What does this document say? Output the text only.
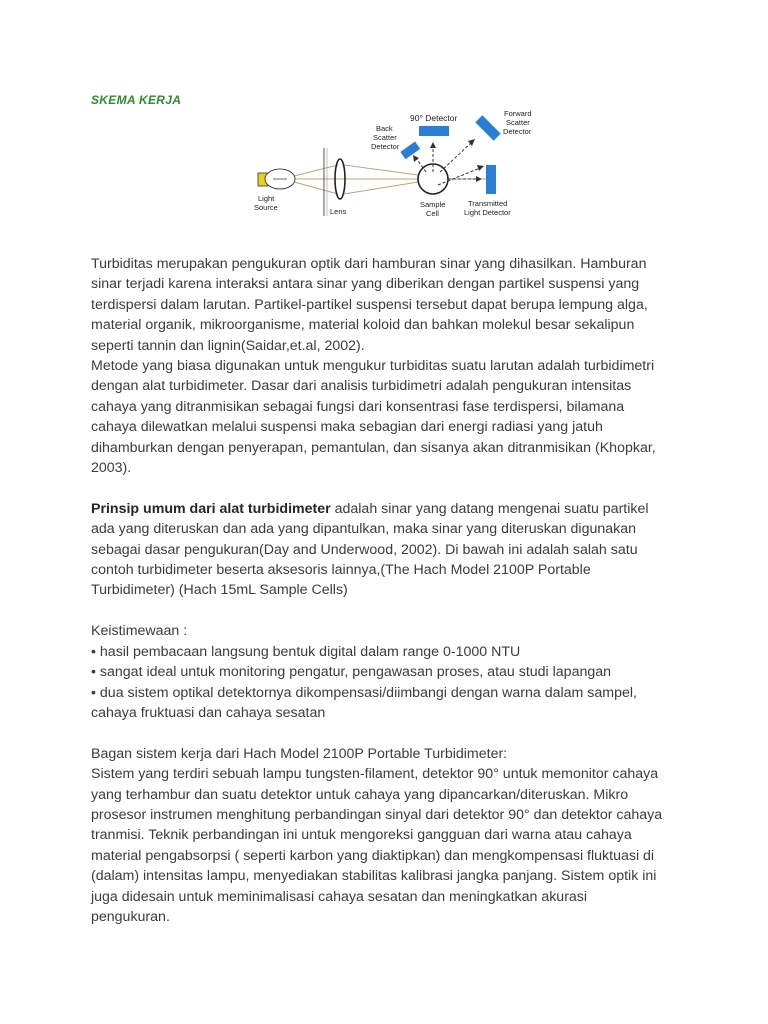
SKEMA KERJA
90° Detector	Forward Scatter Detector
Back Scatter Detector
Light Source	Lens
Sample Cell
Transmitted Light Detector
Turbiditas merupakan pengukuran optik dari hamburan sinar yang dihasilkan. Hamburan
sinar terjadi karena interaksi antara sinar yang diberikan dengan partikel suspensi yang
terdispersi dalam larutan. Partikel-partikel suspensi tersebut dapat berupa lempung alga,
material organik, mikroorganisme, material koloid dan bahkan molekul besar sekalipun
seperti tannin dan lignin(Saidar,et.al, 2002).
Metode yang biasa digunakan untuk mengukur turbiditas suatu larutan adalah turbidimetri
dengan alat turbidimeter. Dasar dari analisis turbidimetri adalah pengukuran intensitas
cahaya yang ditranmisikan sebagai fungsi dari konsentrasi fase terdispersi, bilamana
cahaya dilewatkan melalui suspensi maka sebagian dari energi radiasi yang jatuh
dihamburkan dengan penyerapan, pemantulan, dan sisanya akan ditranmisikan (Khopkar,
2003).
Prinsip umum dari alat turbidimeter adalah sinar yang datang mengenai suatu partikel
ada yang diteruskan dan ada yang dipantulkan, maka sinar yang diteruskan digunakan
sebagai dasar pengukuran(Day and Underwood, 2002). Di bawah ini adalah salah satu
contoh turbidimeter beserta aksesoris lainnya,(The Hach Model 2100P Portable
Turbidimeter) (Hach 15mL Sample Cells)
Keistimewaan :
• hasil pembacaan langsung bentuk digital dalam range 0-1000 NTU
• sangat ideal untuk monitoring pengatur, pengawasan proses, atau studi lapangan
• dua sistem optikal detektornya dikompensasi/diimbangi dengan warna dalam sampel,
cahaya fruktuasi dan cahaya sesatan
Bagan sistem kerja dari Hach Model 2100P Portable Turbidimeter:
Sistem yang terdiri sebuah lampu tungsten-filament, detektor 90° untuk memonitor cahaya
yang terhambur dan suatu detektor untuk cahaya yang dipancarkan/diteruskan. Mikro
prosesor instrumen menghitung perbandingan sinyal dari detektor 90° dan detektor cahaya
tranmisi. Teknik perbandingan ini untuk mengoreksi gangguan dari warna atau cahaya
material pengabsorpsi ( seperti karbon yang diaktipkan) dan mengkompensasi fluktuasi di
(dalam) intensitas lampu, menyediakan stabilitas kalibrasi jangka panjang. Sistem optik ini
juga didesain untuk meminimalisasi cahaya sesatan dan meningkatkan akurasi
pengukuran.
